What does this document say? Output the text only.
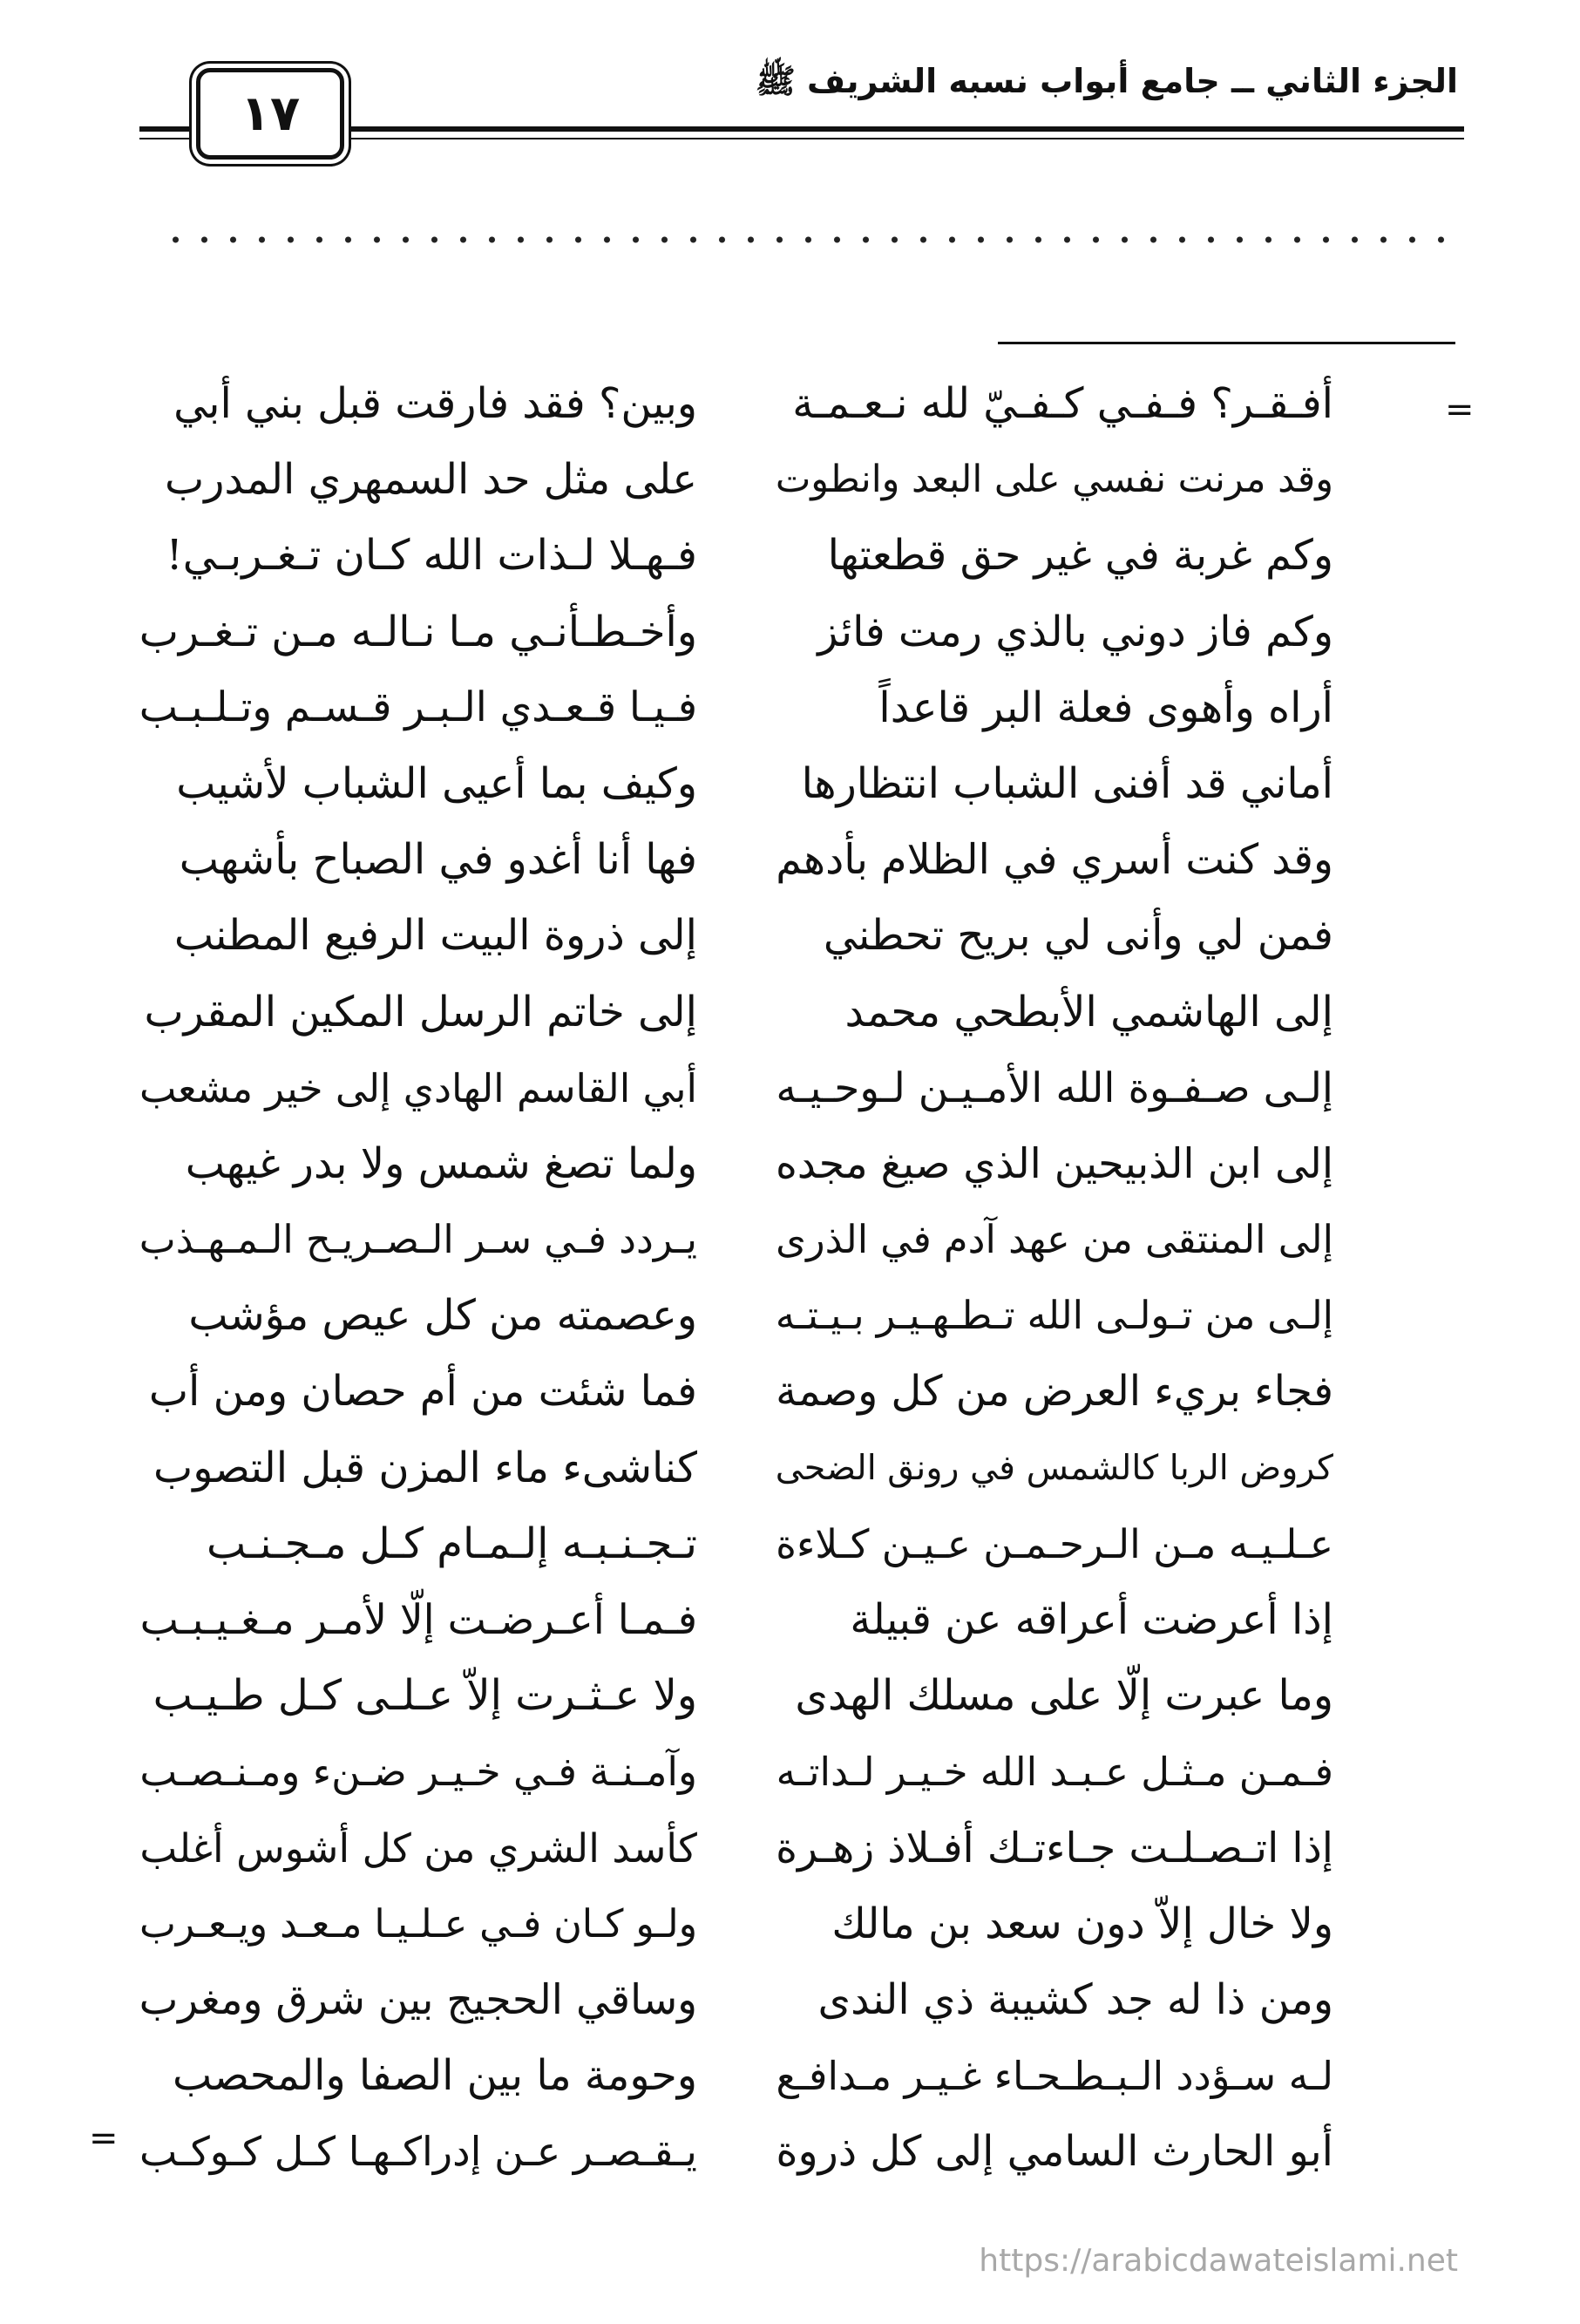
الجزء الثاني ــ جامع أبواب نسبه الشريف ﷺ
١٧
=
=
أفـقـر؟ فـفـي كـفـيّ لله نـعـمـة
وقد مرنت نفسي على البعد وانطوت
وكم غربة في غير حق قطعتها
وكم فاز دوني بالذي رمت فائز
أراه وأهوى فعلة البر قاعداً
أماني قد أفنى الشباب انتظارها
وقد كنت أسري في الظلام بأدهم
فمن لي وأنى لي بريح تحطني
إلى الهاشمي الأبطحي محمد
إلـى صـفـوة الله الأمـيـن لـوحـيـه
إلى ابن الذبيحين الذي صيغ مجده
إلى المنتقى من عهد آدم في الذرى
إلـى من تـولـى الله تـطـهـيـر بـيـتـه
فجاء بريء العرض من كل وصمة
كروض الربا كالشمس في رونق الضحى
عـلـيـه مـن الـرحـمـن عـيـن كـلاءة
إذا أعرضت أعراقه عن قبيلة
وما عبرت إلّا على مسلك الهدى
فـمـن مـثـل عـبـد الله خـيـر لـداتـه
إذا اتـصـلـت جـاءتـك أفـلاذ زهـرة
ولا خال إلاّ دون سعد بن مالك
ومن ذا له جد كشيبة ذي الندى
لـه سـؤدد الـبـطـحـاء غـيـر مـدافـع
أبو الحارث السامي إلى كل ذروة
وبين؟ فقد فارقت قبل بني أبي
على مثل حد السمهري المدرب
فـهـلا لـذات الله كـان تـغـربـي!
وأخـطـأنـي مـا نـالـه مـن تـغـرب
فـيـا قـعـدي الـبـر قـسـم وتـلـبـب
وكيف بما أعيى الشباب لأشيب
فها أنا أغدو في الصباح بأشهب
إلى ذروة البيت الرفيع المطنب
إلى خاتم الرسل المكين المقرب
أبي القاسم الهادي إلى خير مشعب
ولما تصغ شمس ولا بدر غيهب
يـردد فـي سـر الـصـريـح الـمـهـذب
وعصمته من كل عيص مؤشب
فما شئت من أم حصان ومن أب
كناشىء ماء المزن قبل التصوب
تـجـنـبـه إلـمـام كـل مـجـنـب
فـمـا أعـرضـت إلّا لأمـر مـغـيـبـب
ولا عـثـرت إلاّ عـلـى كـل طـيـب
وآمـنـة فـي خـيـر ضـنء ومـنـصـب
كأسد الشري من كل أشوس أغلب
ولـو كـان فـي عـلـيـا مـعـد ويـعـرب
وساقي الحجيج بين شرق ومغرب
وحومة ما بين الصفا والمحصب
يـقـصـر عـن إدراكـهـا كـل كـوكـب
https://arabicdawateislami.net
